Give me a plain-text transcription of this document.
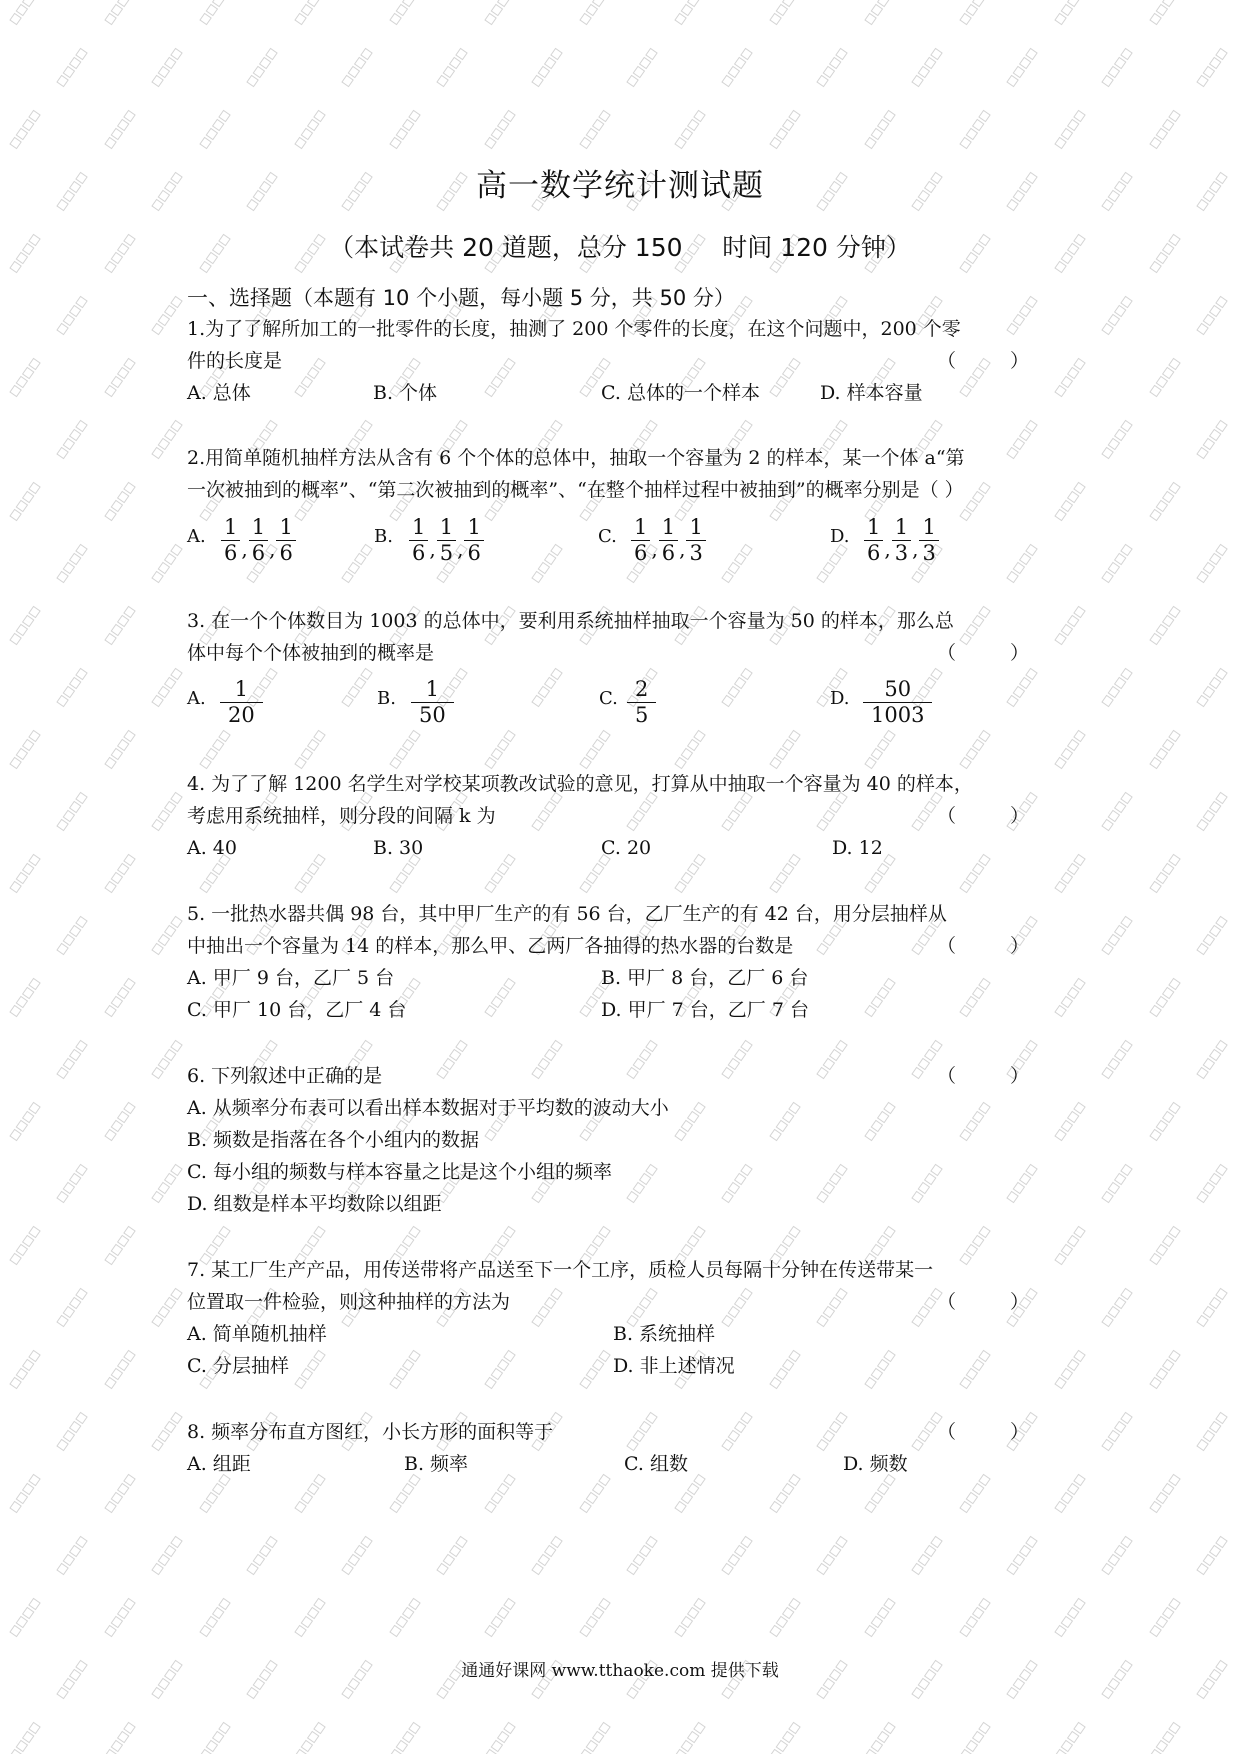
高一数学统计测试题
（本试卷共 20 道题，总分 150     时间 120 分钟）
一、选择题（本题有 10 个小题，每小题 5 分，共 50 分）
1.为了了解所加工的一批零件的长度，抽测了 200 个零件的长度，在这个问题中，200 个零
件的长度是	（ ）
A. 总体	B. 个体	C. 总体的一个样本	D. 样本容量
2.用简单随机抽样方法从含有 6 个个体的总体中，抽取一个容量为 2 的样本，某一个体 a“第
一次被抽到的概率”、“第二次被抽到的概率”、“在整个抽样过程中被抽到”的概率分别是（ ）
A. $\frac{1}{6}$ , $\frac{1}{6}$ , $\frac{1}{6}$	B. $\frac{1}{6}$ , $\frac{1}{5}$ , $\frac{1}{6}$	C. $\frac{1}{6}$ , $\frac{1}{6}$ , $\frac{1}{3}$	D. $\frac{1}{6}$ , $\frac{1}{3}$ , $\frac{1}{3}$
3. 在一个个体数目为 1003 的总体中，要利用系统抽样抽取一个容量为 50 的样本，那么总
体中每个个体被抽到的概率是	（ ）
A. $\frac{1}{20}$	B. $\frac{1}{50}$	C. $\frac{2}{5}$	D. $\frac{50}{1003}$
4. 为了了解 1200 名学生对学校某项教改试验的意见，打算从中抽取一个容量为 40 的样本，
考虑用系统抽样，则分段的间隔 k 为	（ ）
A. 40	B. 30	C. 20	D. 12
5. 一批热水器共偶 98 台，其中甲厂生产的有 56 台，乙厂生产的有 42 台，用分层抽样从
中抽出一个容量为 14 的样本，那么甲、乙两厂各抽得的热水器的台数是	（ ）
A. 甲厂 9 台，乙厂 5 台	B. 甲厂 8 台，乙厂 6 台
C. 甲厂 10 台，乙厂 4 台	D. 甲厂 7 台，乙厂 7 台
6. 下列叙述中正确的是	（ ）
A. 从频率分布表可以看出样本数据对于平均数的波动大小
B. 频数是指落在各个小组内的数据
C. 每小组的频数与样本容量之比是这个小组的频率
D. 组数是样本平均数除以组距
7. 某工厂生产产品，用传送带将产品送至下一个工序，质检人员每隔十分钟在传送带某一
位置取一件检验，则这种抽样的方法为	（ ）
A. 简单随机抽样	B. 系统抽样
C. 分层抽样	D. 非上述情况
8. 频率分布直方图红，小长方形的面积等于	（ ）
A. 组距	B. 频率	C. 组数	D. 频数
通通好课网 www.tthaoke.com 提供下载
